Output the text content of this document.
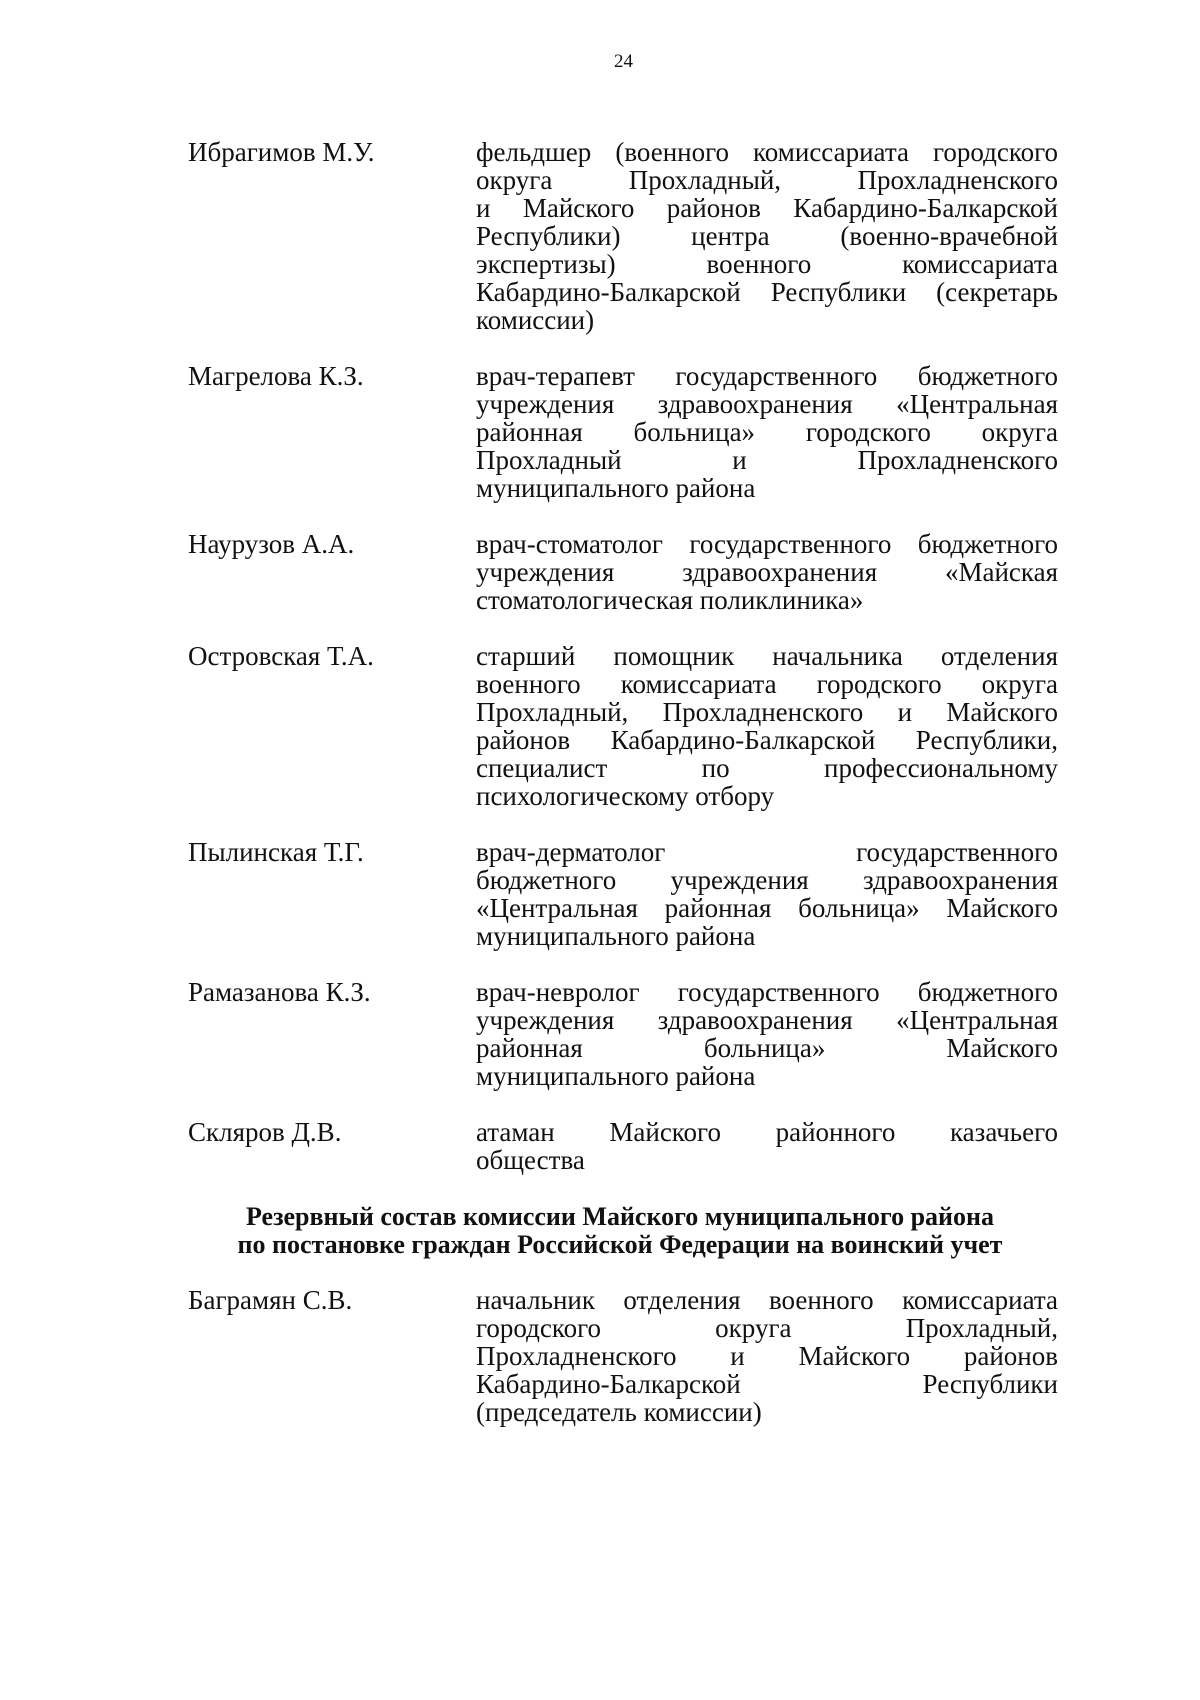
24
Ибрагимов М.У.	фельдшер (военного комиссариата городского
округа Прохладный, Прохладненского
и Майского районов Кабардино-Балкарской
Республики) центра (военно-врачебной
экспертизы) военного комиссариата
Кабардино-Балкарской Республики (секретарь
комиссии)
Магрелова К.З.	врач-терапевт государственного бюджетного
учреждения здравоохранения «Центральная
районная больница» городского округа
Прохладный и Прохладненского
муниципального района
Наурузов А.А.	врач-стоматолог государственного бюджетного
учреждения здравоохранения «Майская
стоматологическая поликлиника»
Островская Т.А.	старший помощник начальника отделения
военного комиссариата городского округа
Прохладный, Прохладненского и Майского
районов Кабардино-Балкарской Республики,
специалист по профессиональному
психологическому отбору
Пылинская Т.Г.	врач-дерматолог государственного
бюджетного учреждения здравоохранения
«Центральная районная больница» Майского
муниципального района
Рамазанова К.З.	врач-невролог государственного бюджетного
учреждения здравоохранения «Центральная
районная больница» Майского
муниципального района
Скляров Д.В.	атаман Майского районного казачьего
общества
Резервный состав комиссии Майского муниципального района
по постановке граждан Российской Федерации на воинский учет
Баграмян С.В.	начальник отделения военного комиссариата
городского округа Прохладный,
Прохладненского и Майского районов
Кабардино-Балкарской Республики
(председатель комиссии)
